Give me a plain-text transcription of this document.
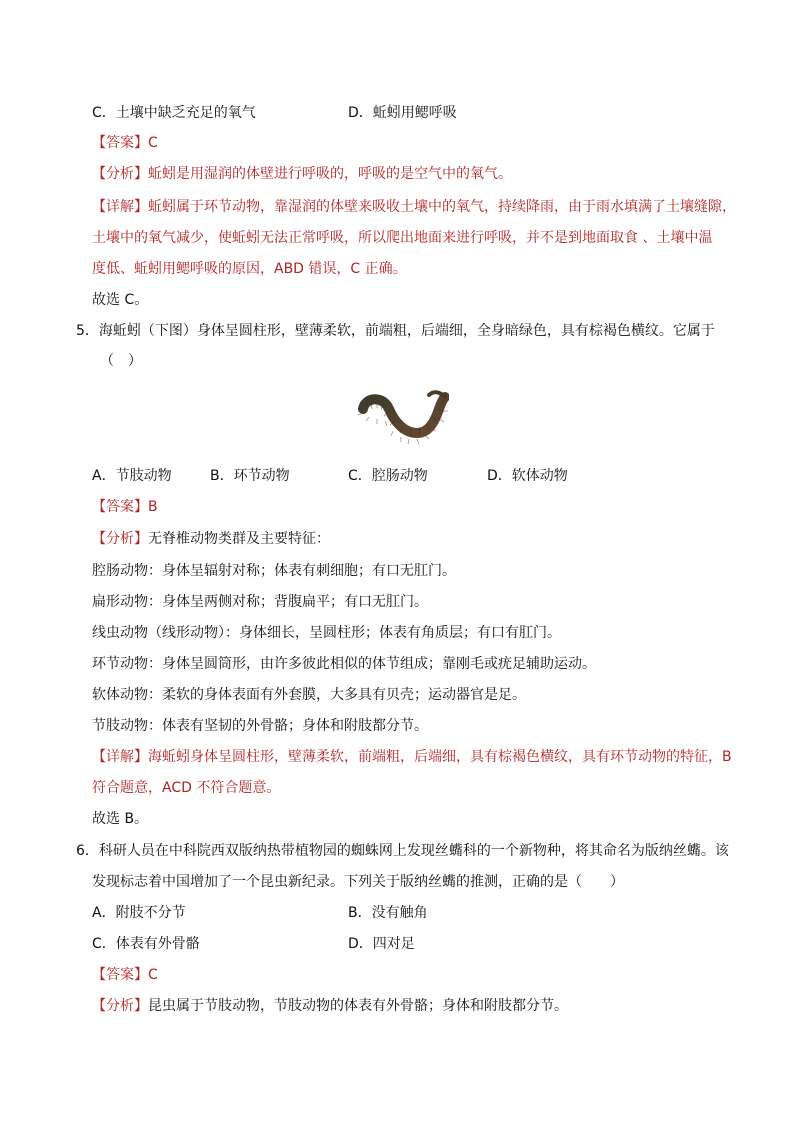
C．土壤中缺乏充足的氧气	D．蚯蚓用鳃呼吸
【答案】C
【分析】蚯蚓是用湿润的体壁进行呼吸的，呼吸的是空气中的氧气。
【详解】蚯蚓属于环节动物，靠湿润的体壁来吸收土壤中的氧气，持续降雨，由于雨水填满了土壤缝隙，
土壤中的氧气减少，使蚯蚓无法正常呼吸，所以爬出地面来进行呼吸，并不是到地面取食 、土壤中温
度低、蚯蚓用鳃呼吸的原因，ABD 错误，C 正确。
故选 C。
5．海蚯蚓（下图）身体呈圆柱形，壁薄柔软，前端粗，后端细，全身暗绿色，具有棕褐色横纹。它属于
（　）
A．节肢动物	B．环节动物	C．腔肠动物	D．软体动物
【答案】B
【分析】无脊椎动物类群及主要特征：
腔肠动物：身体呈辐射对称；体表有刺细胞；有口无肛门。
扁形动物：身体呈两侧对称；背腹扁平；有口无肛门。
线虫动物（线形动物）：身体细长，呈圆柱形；体表有角质层；有口有肛门。
环节动物：身体呈圆筒形，由许多彼此相似的体节组成；靠刚毛或疣足辅助运动。
软体动物：柔软的身体表面有外套膜，大多具有贝壳；运动器官是足。
节肢动物：体表有坚韧的外骨骼；身体和附肢都分节。
【详解】海蚯蚓身体呈圆柱形，壁薄柔软，前端粗，后端细，具有棕褐色横纹，具有环节动物的特征，B
符合题意，ACD 不符合题意。
故选 B。
6．科研人员在中科院西双版纳热带植物园的蜘蛛网上发现丝蟕科的一个新物种，将其命名为版纳丝蟕。该
发现标志着中国增加了一个昆虫新纪录。下列关于版纳丝蟕的推测，正确的是（　　）
A．附肢不分节	B．没有触角
C．体表有外骨骼	D．四对足
【答案】C
【分析】昆虫属于节肢动物，节肢动物的体表有外骨骼；身体和附肢都分节。
